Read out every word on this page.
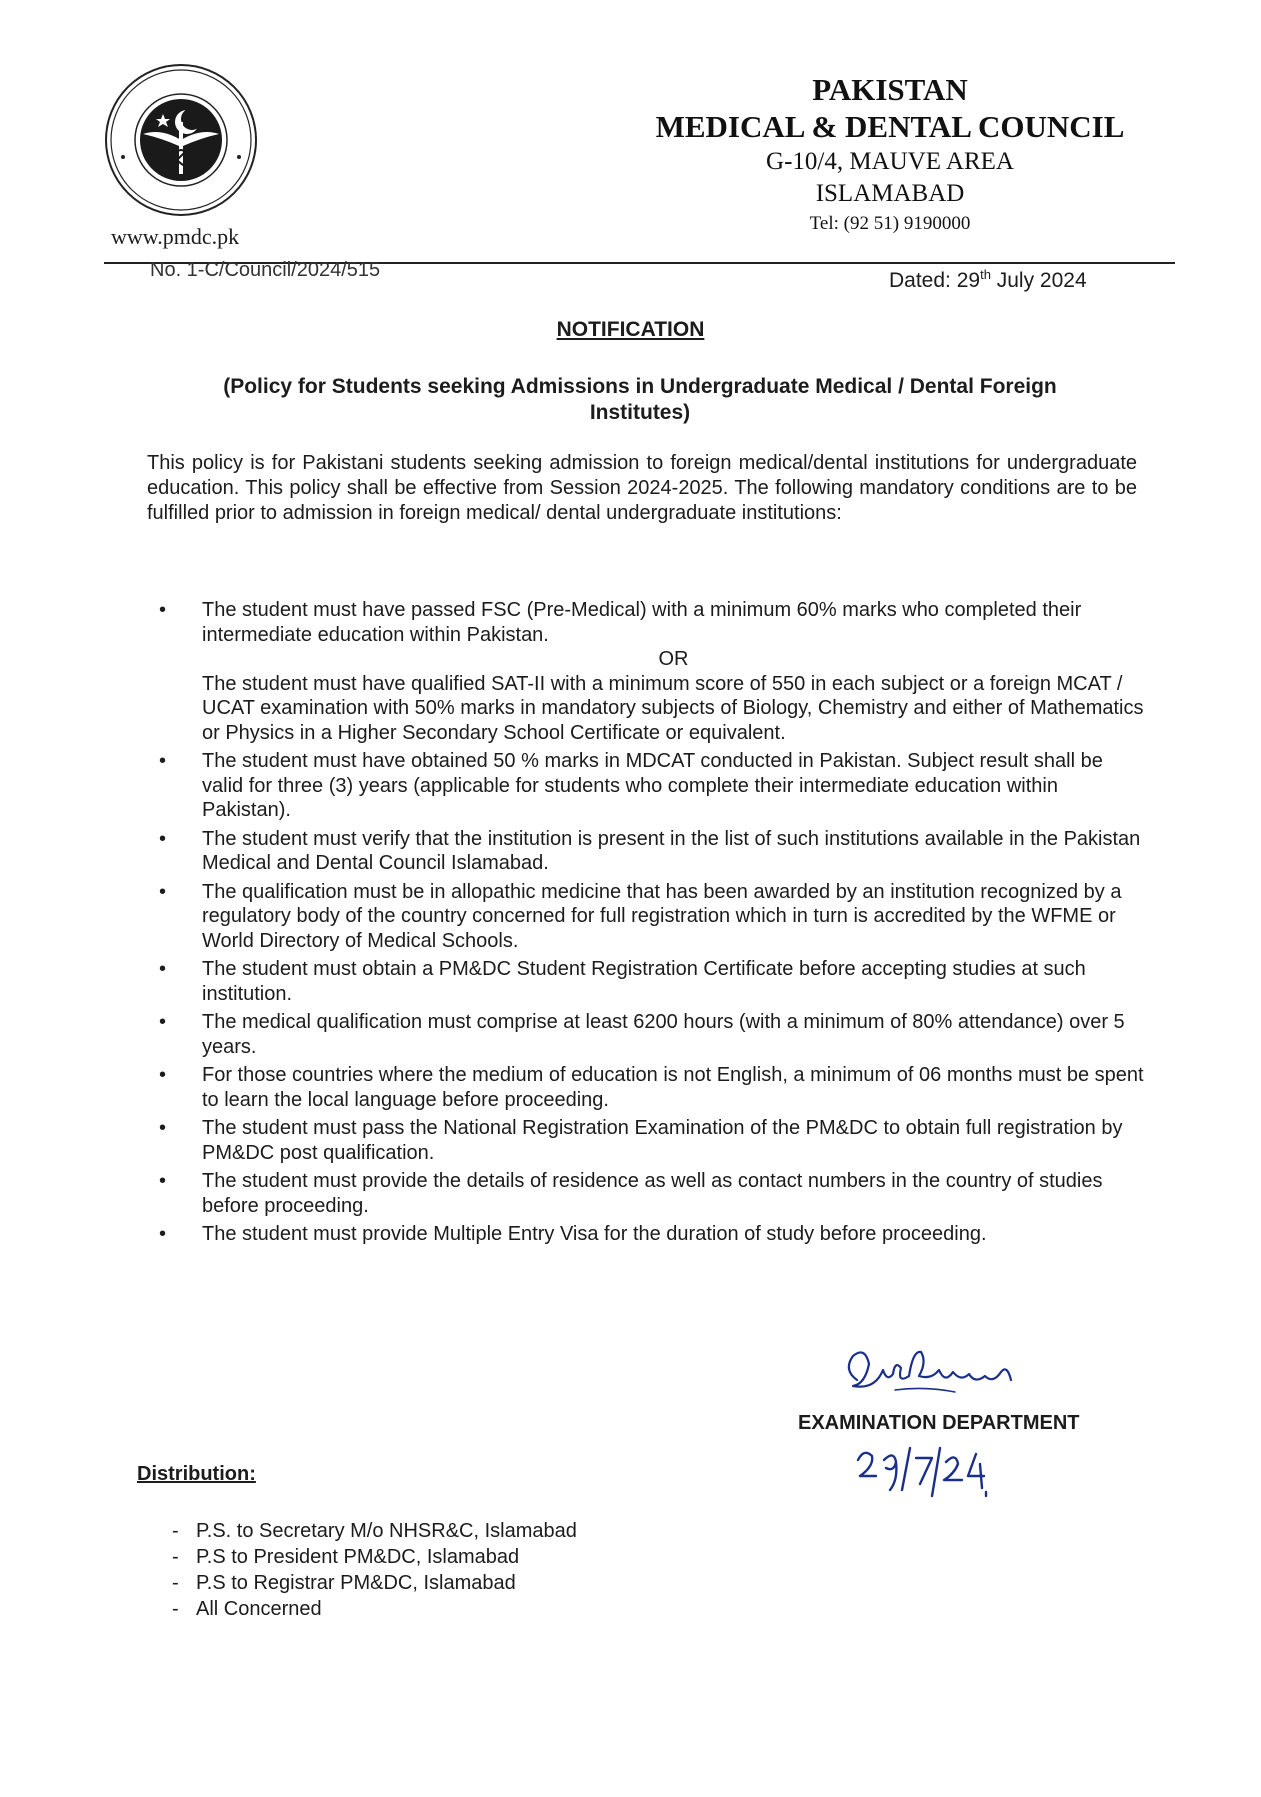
www.pmdc.pk
PAKISTAN
MEDICAL & DENTAL COUNCIL
G-10/4, MAUVE AREA
ISLAMABAD
Tel: (92 51) 9190000
No. 1-C/Council/2024/515	Dated: 29th July 2024
NOTIFICATION
(Policy for Students seeking Admissions in Undergraduate Medical / Dental Foreign Institutes)
This policy is for Pakistani students seeking admission to foreign medical/dental institutions for undergraduate education. This policy shall be effective from Session 2024-2025. The following mandatory conditions are to be fulfilled prior to admission in foreign medical/ dental undergraduate institutions:
• The student must have passed FSC (Pre-Medical) with a minimum 60% marks who completed their intermediate education within Pakistan.
OR
The student must have qualified SAT-II with a minimum score of 550 in each subject or a foreign MCAT / UCAT examination with 50% marks in mandatory subjects of Biology, Chemistry and either of Mathematics or Physics in a Higher Secondary School Certificate or equivalent.
• The student must have obtained 50 % marks in MDCAT conducted in Pakistan. Subject result shall be valid for three (3) years (applicable for students who complete their intermediate education within Pakistan).
• The student must verify that the institution is present in the list of such institutions available in the Pakistan Medical and Dental Council Islamabad.
• The qualification must be in allopathic medicine that has been awarded by an institution recognized by a regulatory body of the country concerned for full registration which in turn is accredited by the WFME or World Directory of Medical Schools.
• The student must obtain a PM&DC Student Registration Certificate before accepting studies at such institution.
• The medical qualification must comprise at least 6200 hours (with a minimum of 80% attendance) over 5 years.
• For those countries where the medium of education is not English, a minimum of 06 months must be spent to learn the local language before proceeding.
• The student must pass the National Registration Examination of the PM&DC to obtain full registration by PM&DC post qualification.
• The student must provide the details of residence as well as contact numbers in the country of studies before proceeding.
• The student must provide Multiple Entry Visa for the duration of study before proceeding.
EXAMINATION DEPARTMENT
Distribution:
- P.S. to Secretary M/o NHSR&C, Islamabad
- P.S to President PM&DC, Islamabad
- P.S to Registrar PM&DC, Islamabad
- All Concerned
